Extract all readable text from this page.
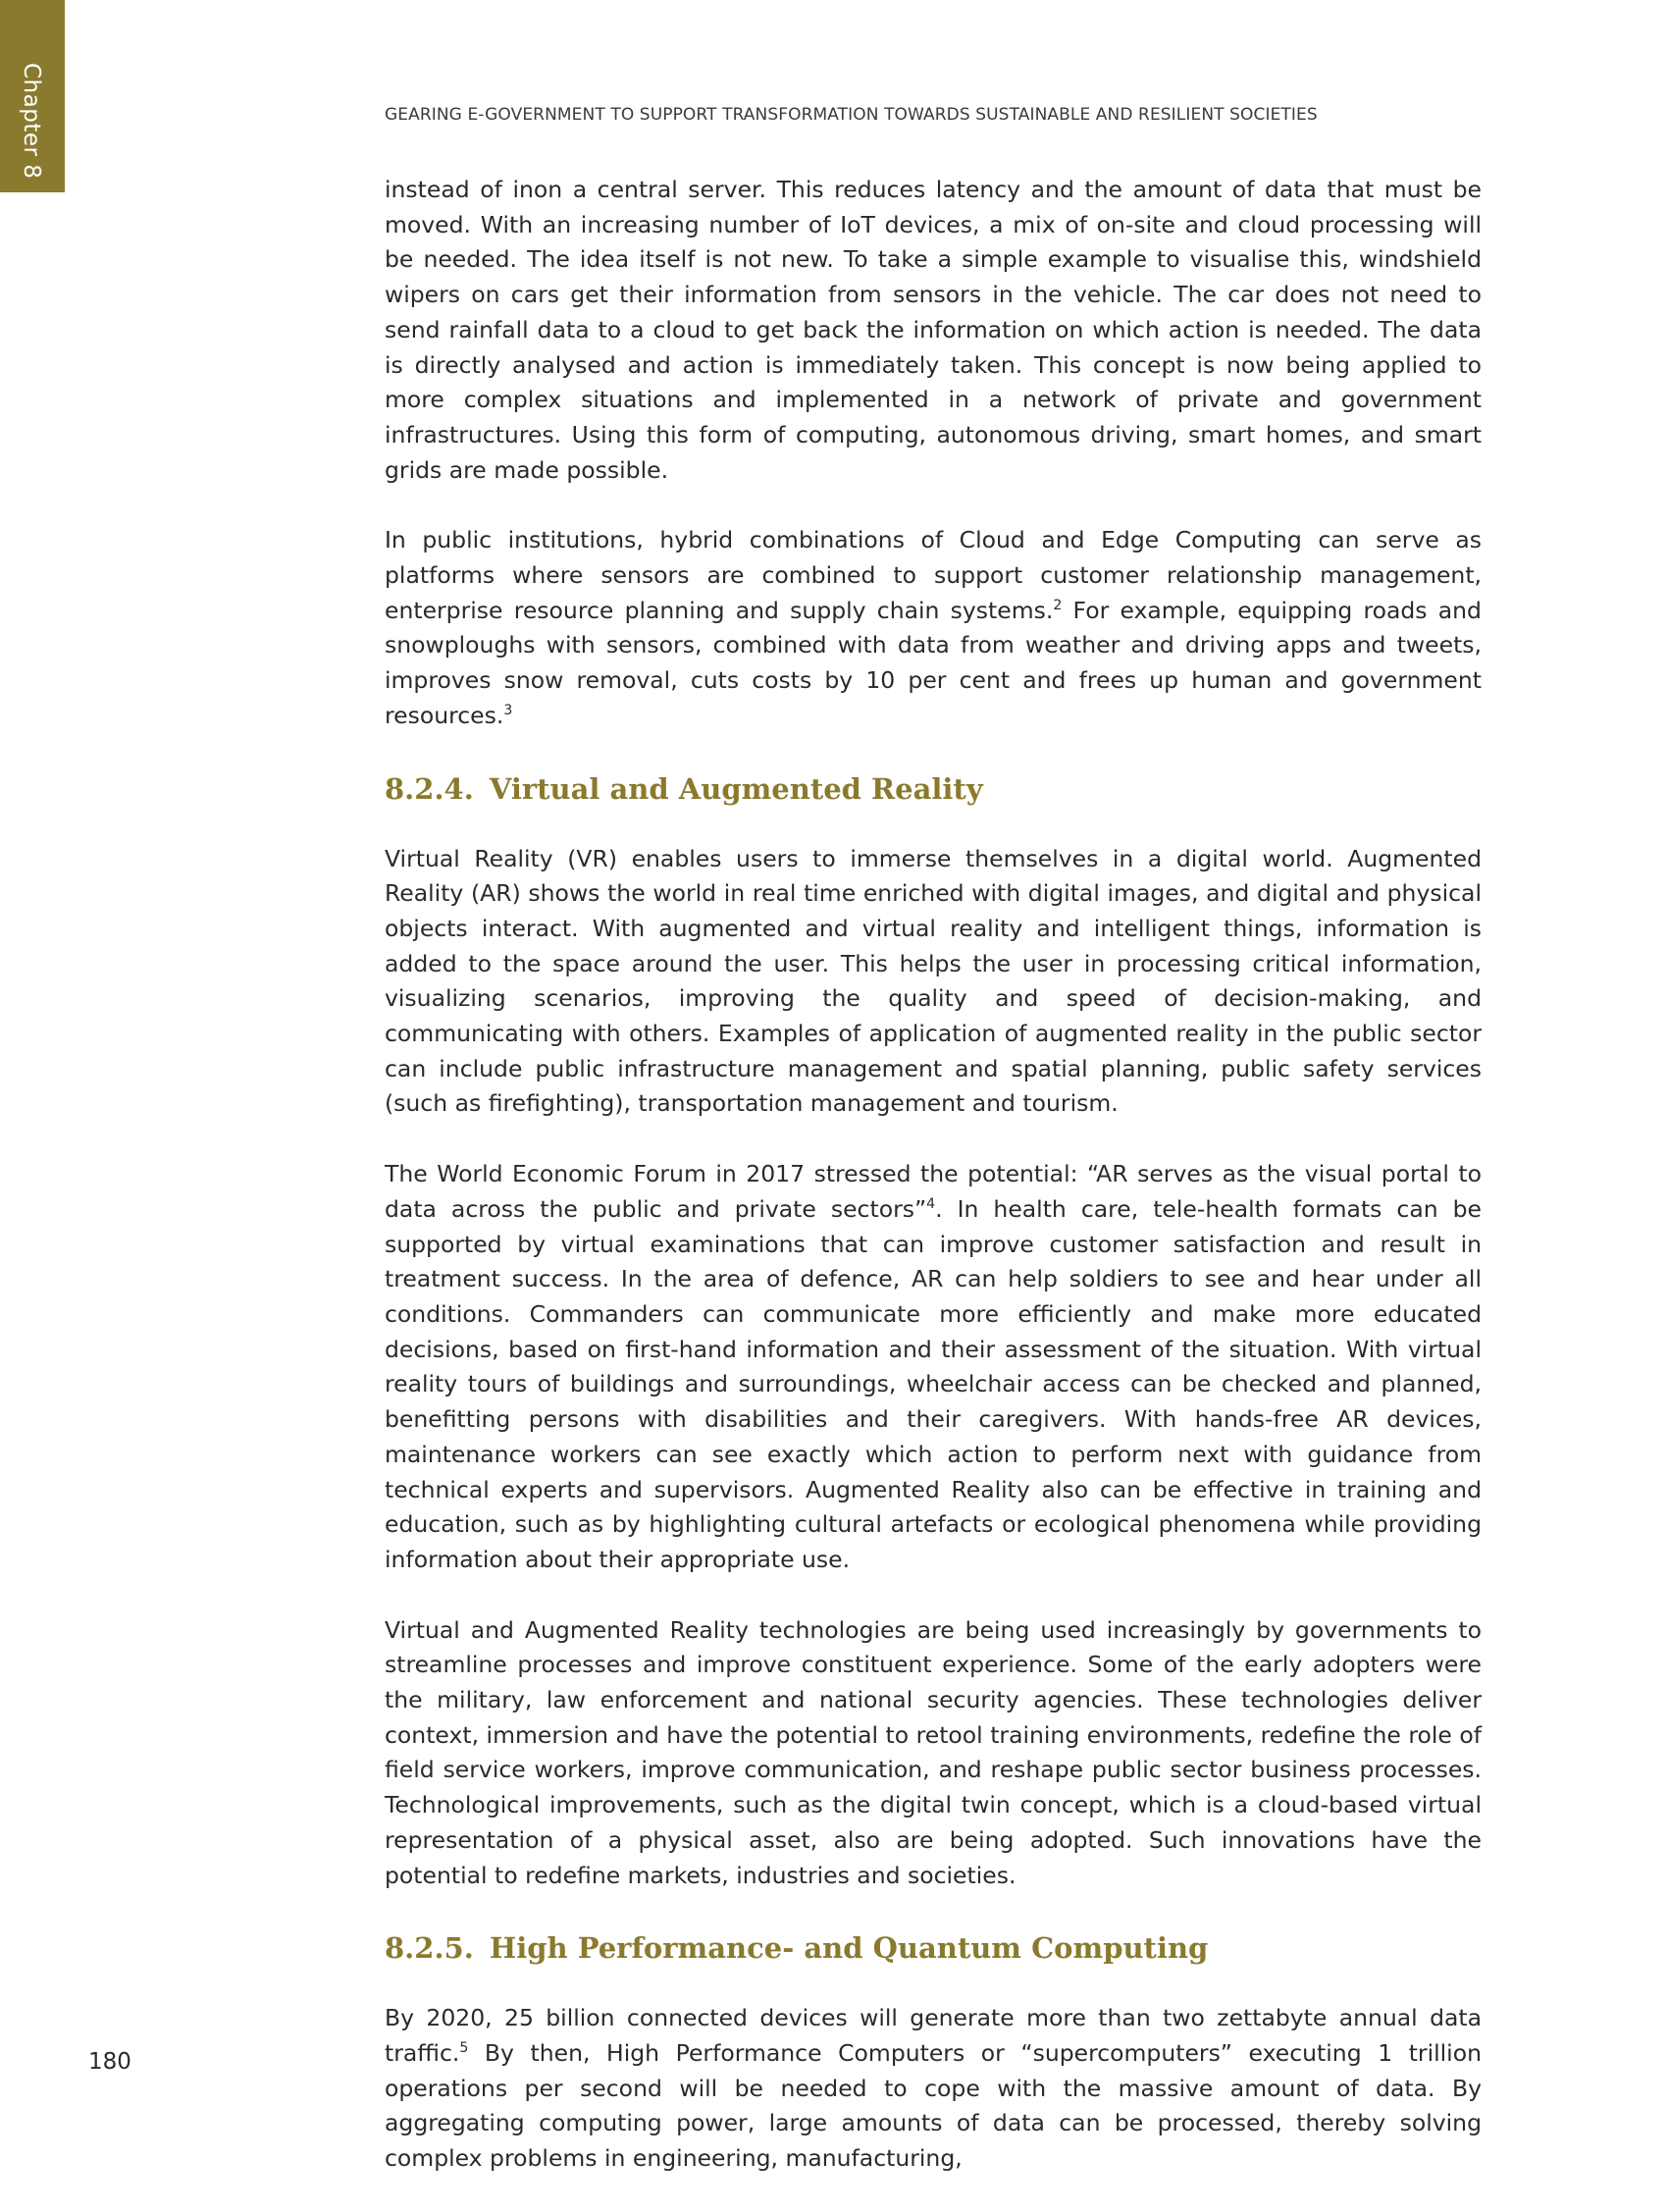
Chapter 8	GEARING E-GOVERNMENT TO SUPPORT TRANSFORMATION TOWARDS SUSTAINABLE AND RESILIENT SOCIETIES

instead of inon a central server. This reduces latency and the amount of data that must be moved. With an increasing number of IoT devices, a mix of on-site and cloud processing will be needed. The idea itself is not new. To take a simple example to visualise this, windshield wipers on cars get their information from sensors in the vehicle. The car does not need to send rainfall data to a cloud to get back the information on which action is needed. The data is directly analysed and action is immediately taken. This concept is now being applied to more complex situations and implemented in a network of private and government infrastructures. Using this form of computing, autonomous driving, smart homes, and smart grids are made possible.

In public institutions, hybrid combinations of Cloud and Edge Computing can serve as platforms where sensors are combined to support customer relationship management, enterprise resource planning and supply chain systems.$^2$ For example, equipping roads and snowploughs with sensors, combined with data from weather and driving apps and tweets, improves snow removal, cuts costs by 10 per cent and frees up human and government resources.$^3$

8.2.4. Virtual and Augmented Reality

Virtual Reality (VR) enables users to immerse themselves in a digital world. Augmented Reality (AR) shows the world in real time enriched with digital images, and digital and physical objects interact. With augmented and virtual reality and intelligent things, information is added to the space around the user. This helps the user in processing critical information, visualizing scenarios, improving the quality and speed of decision-making, and communicating with others. Examples of application of augmented reality in the public sector can include public infrastructure management and spatial planning, public safety services (such as firefighting), transportation management and tourism.

The World Economic Forum in 2017 stressed the potential: “AR serves as the visual portal to data across the public and private sectors”$^4$. In health care, tele-health formats can be supported by virtual examinations that can improve customer satisfaction and result in treatment success. In the area of defence, AR can help soldiers to see and hear under all conditions. Commanders can communicate more efficiently and make more educated decisions, based on first-hand information and their assessment of the situation. With virtual reality tours of buildings and surroundings, wheelchair access can be checked and planned, benefitting persons with disabilities and their caregivers. With hands-free AR devices, maintenance workers can see exactly which action to perform next with guidance from technical experts and supervisors. Augmented Reality also can be effective in training and education, such as by highlighting cultural artefacts or ecological phenomena while providing information about their appropriate use.

Virtual and Augmented Reality technologies are being used increasingly by governments to streamline processes and improve constituent experience. Some of the early adopters were the military, law enforcement and national security agencies. These technologies deliver context, immersion and have the potential to retool training environments, redefine the role of field service workers, improve communication, and reshape public sector business processes. Technological improvements, such as the digital twin concept, which is a cloud-based virtual representation of a physical asset, also are being adopted. Such innovations have the potential to redefine markets, industries and societies.

8.2.5. High Performance- and Quantum Computing

By 2020, 25 billion connected devices will generate more than two zettabyte annual data traffic.$^5$ By then, High Performance Computers or “supercomputers” executing 1 trillion operations per second will be needed to cope with the massive amount of data. By aggregating computing power, large amounts of data can be processed, thereby solving complex problems in engineering, manufacturing,

180
